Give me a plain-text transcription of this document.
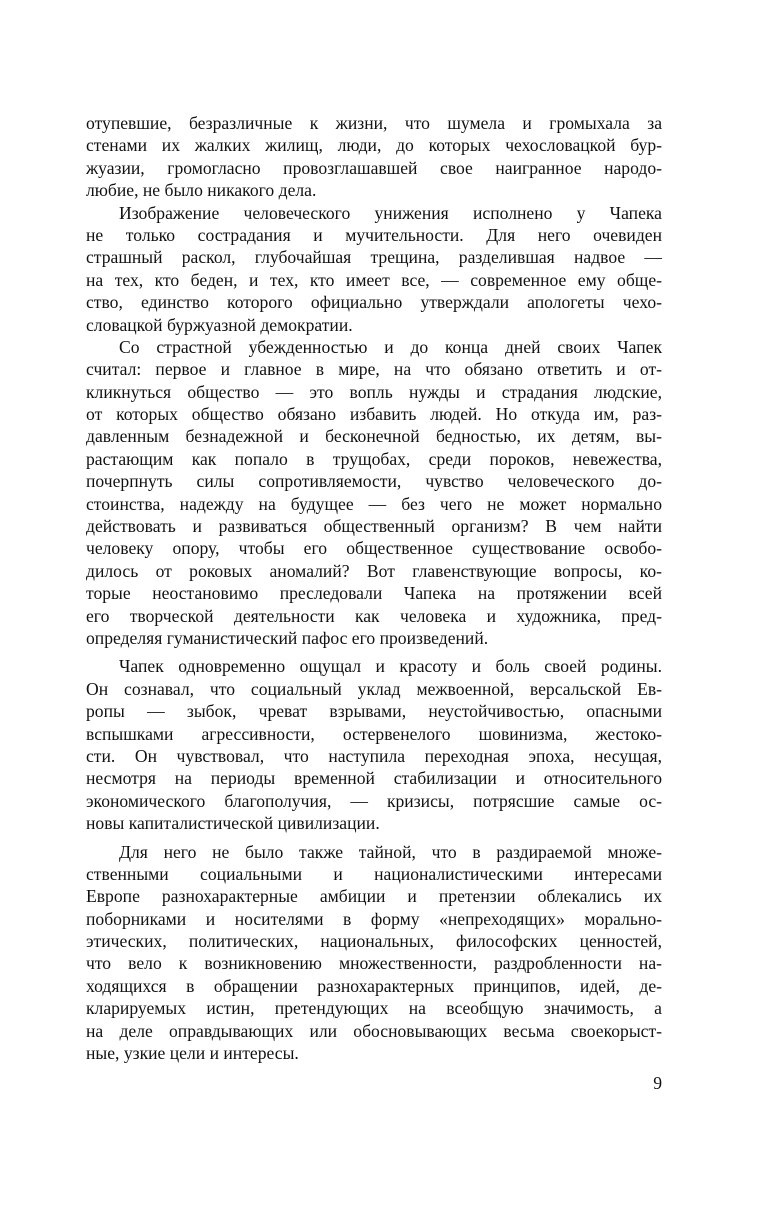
отупевшие, безразличные к жизни, что шумела и громыхала за
стенами их жалких жилищ, люди, до которых чехословацкой бур-
жуазии, громогласно провозглашавшей свое наигранное народо-
любие, не было никакого дела.

Изображение человеческого унижения исполнено у Чапека
не только сострадания и мучительности. Для него очевиден
страшный раскол, глубочайшая трещина, разделившая надвое —
на тех, кто беден, и тех, кто имеет все, — современное ему обще-
ство, единство которого официально утверждали апологеты чехо-
словацкой буржуазной демократии.

Со страстной убежденностью и до конца дней своих Чапек
считал: первое и главное в мире, на что обязано ответить и от-
кликнуться общество — это вопль нужды и страдания людские,
от которых общество обязано избавить людей. Но откуда им, раз-
давленным безнадежной и бесконечной бедностью, их детям, вы-
растающим как попало в трущобах, среди пороков, невежества,
почерпнуть силы сопротивляемости, чувство человеческого до-
стоинства, надежду на будущее — без чего не может нормально
действовать и развиваться общественный организм? В чем найти
человеку опору, чтобы его общественное существование освобо-
дилось от роковых аномалий? Вот главенствующие вопросы, ко-
торые неостановимо преследовали Чапека на протяжении всей
его творческой деятельности как человека и художника, пред-
определяя гуманистический пафос его произведений.

Чапек одновременно ощущал и красоту и боль своей родины.
Он сознавал, что социальный уклад межвоенной, версальской Ев-
ропы — зыбок, чреват взрывами, неустойчивостью, опасными
вспышками агрессивности, остервенелого шовинизма, жестоко-
сти. Он чувствовал, что наступила переходная эпоха, несущая,
несмотря на периоды временной стабилизации и относительного
экономического благополучия, — кризисы, потрясшие самые ос-
новы капиталистической цивилизации.

Для него не было также тайной, что в раздираемой множе-
ственными социальными и националистическими интересами
Европе разнохарактерные амбиции и претензии облекались их
поборниками и носителями в форму «непреходящих» морально-
этических, политических, национальных, философских ценностей,
что вело к возникновению множественности, раздробленности на-
ходящихся в обращении разнохарактерных принципов, идей, де-
кларируемых истин, претендующих на всеобщую значимость, а
на деле оправдывающих или обосновывающих весьма своекорыст-
ные, узкие цели и интересы.

9
